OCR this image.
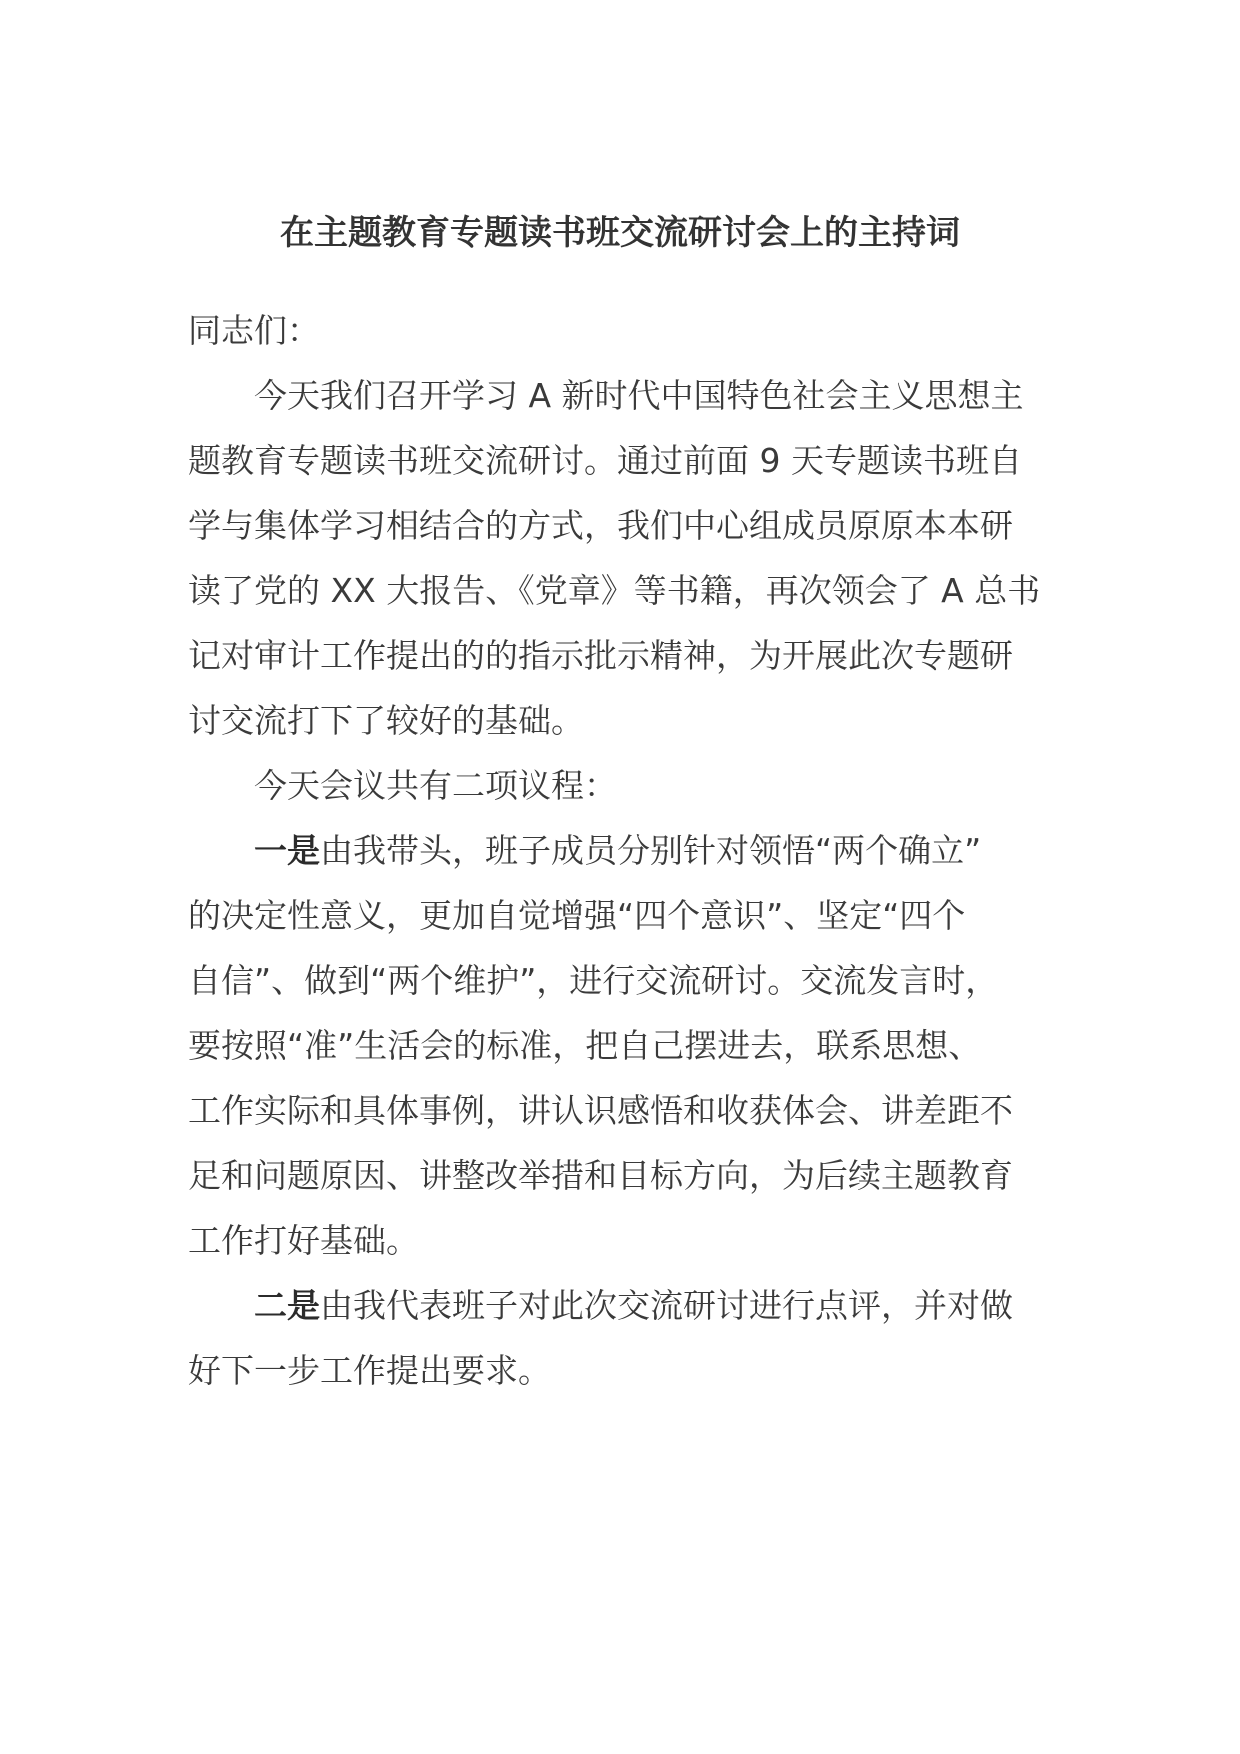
在主题教育专题读书班交流研讨会上的主持词
同志们：
今天我们召开学习 A 新时代中国特色社会主义思想主
题教育专题读书班交流研讨。通过前面 9 天专题读书班自
学与集体学习相结合的方式，我们中心组成员原原本本研
读了党的 XX 大报告、《党章》等书籍，再次领会了 A 总书
记对审计工作提出的的指示批示精神，为开展此次专题研
讨交流打下了较好的基础。
今天会议共有二项议程：
一是由我带头，班子成员分别针对领悟“两个确立”
的决定性意义，更加自觉增强“四个意识”、坚定“四个
自信”、做到“两个维护”，进行交流研讨。交流发言时，
要按照“准”生活会的标准，把自己摆进去，联系思想、
工作实际和具体事例，讲认识感悟和收获体会、讲差距不
足和问题原因、讲整改举措和目标方向，为后续主题教育
工作打好基础。
二是由我代表班子对此次交流研讨进行点评，并对做
好下一步工作提出要求。
